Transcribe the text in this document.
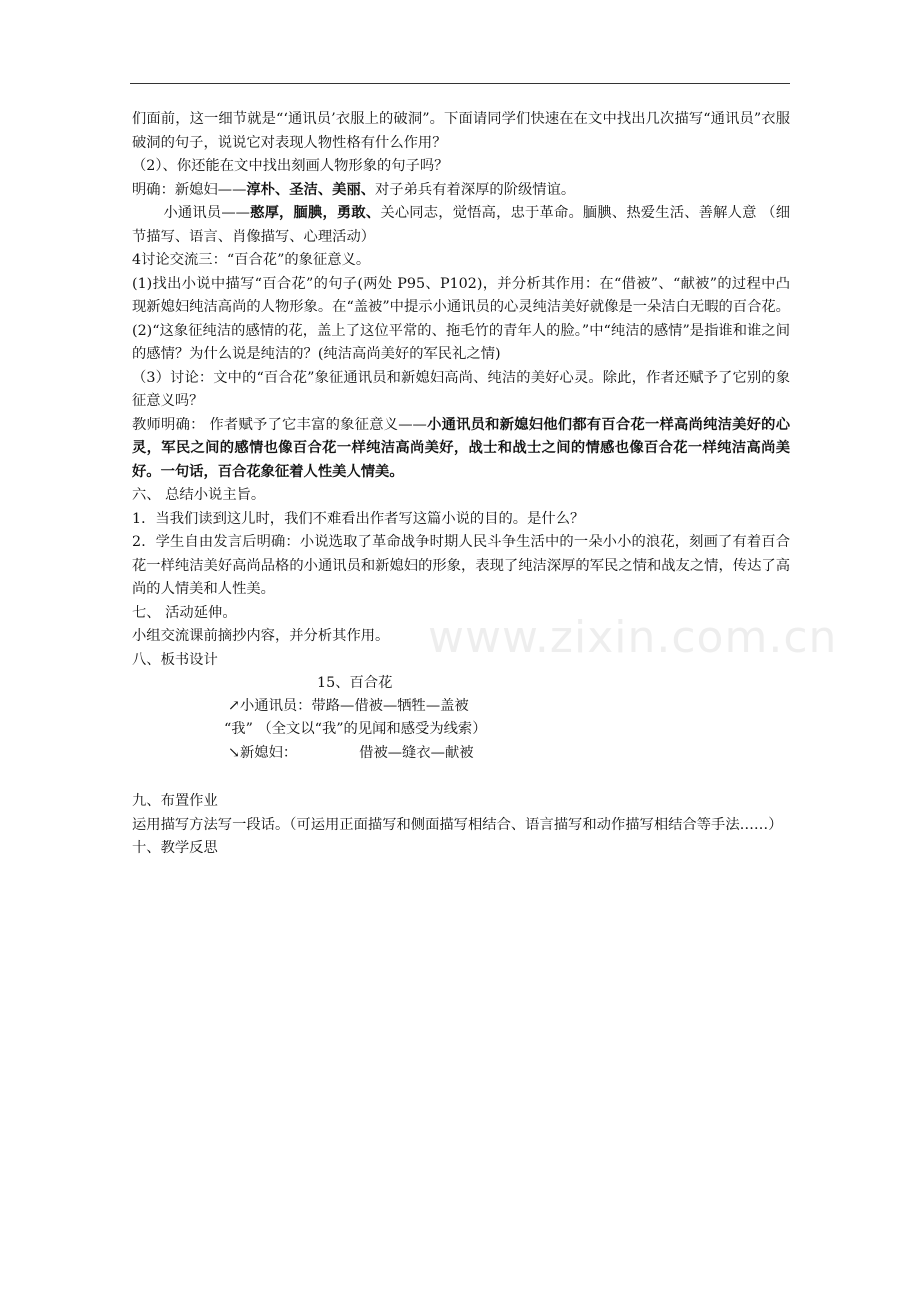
们面前，这一细节就是“‘通讯员’衣服上的破洞”。下面请同学们快速在在文中找出几次描写“通讯员”衣服破洞的句子，说说它对表现人物性格有什么作用？

（2）、你还能在文中找出刻画人物形象的句子吗？

明确：新媳妇——淳朴、圣洁、美丽、对子弟兵有着深厚的阶级情谊。

小通讯员——憨厚，腼腆，勇敢、关心同志，觉悟高，忠于革命。腼腆、热爱生活、善解人意 （细节描写、语言、肖像描写、心理活动）

4讨论交流三：“百合花”的象征意义。

(1)找出小说中描写“百合花”的句子(两处 P95、P102)，并分析其作用：在“借被”、“献被”的过程中凸现新媳妇纯洁高尚的人物形象。在“盖被”中提示小通讯员的心灵纯洁美好就像是一朵洁白无暇的百合花。

(2)“这象征纯洁的感情的花，盖上了这位平常的、拖毛竹的青年人的脸。”中“纯洁的感情”是指谁和谁之间的感情？为什么说是纯洁的？(纯洁高尚美好的军民礼之情)

（3）讨论：文中的“百合花”象征通讯员和新媳妇高尚、纯洁的美好心灵。除此，作者还赋予了它别的象征意义吗？

教师明确： 作者赋予了它丰富的象征意义——小通讯员和新媳妇他们都有百合花一样高尚纯洁美好的心灵，军民之间的感情也像百合花一样纯洁高尚美好，战士和战士之间的情感也像百合花一样纯洁高尚美好。一句话，百合花象征着人性美人情美。

六、 总结小说主旨。

1．当我们读到这儿时，我们不难看出作者写这篇小说的目的。是什么？

2．学生自由发言后明确：小说选取了革命战争时期人民斗争生活中的一朵小小的浪花，刻画了有着百合花一样纯洁美好高尚品格的小通讯员和新媳妇的形象，表现了纯洁深厚的军民之情和战友之情，传达了高尚的人情美和人性美。

七、 活动延伸。

小组交流课前摘抄内容，并分析其作用。

八、板书设计

15、百合花
↗小通讯员：带路—借被—牺牲—盖被
“我” （全文以“我”的见闻和感受为线索）
↘新媳妇：	借被—缝衣—献被

九、布置作业

运用描写方法写一段话。（可运用正面描写和侧面描写相结合、语言描写和动作描写相结合等手法……）

十、教学反思

www.zixin.com.cn
